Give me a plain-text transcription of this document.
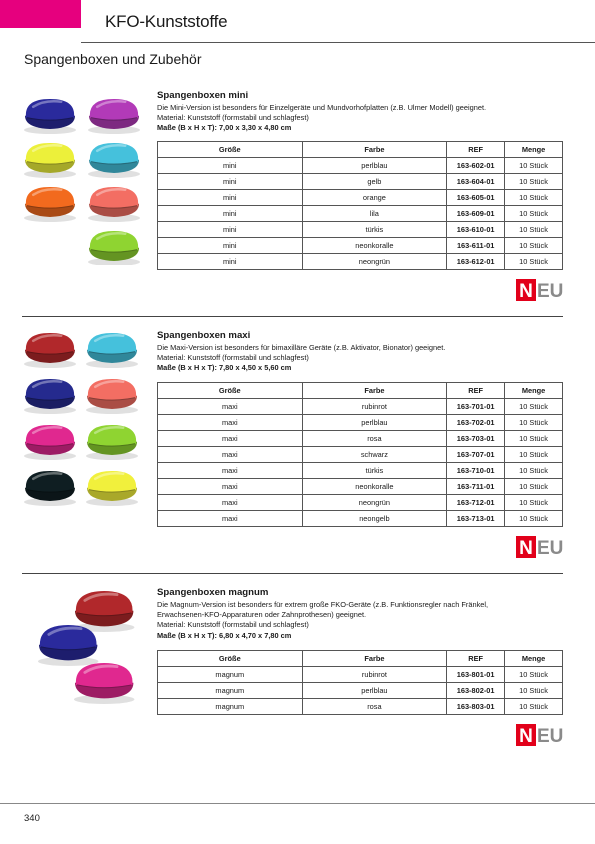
KFO-Kunststoffe
Spangenboxen und Zubehör
Spangenboxen mini
Die Mini-Version ist besonders für Einzelgeräte und Mundvorhofplatten (z.B. Ulmer Modell) geeignet.
Material: Kunststoff (formstabil und schlagfest)
Maße (B x H x T): 7,00 x 3,30 x 4,80 cm
Größe	Farbe	REF	Menge
mini	perlblau	163-602-01	10 Stück
mini	gelb	163-604-01	10 Stück
mini	orange	163-605-01	10 Stück
mini	lila	163-609-01	10 Stück
mini	türkis	163-610-01	10 Stück
mini	neonkoralle	163-611-01	10 Stück
mini	neongrün	163-612-01	10 Stück
N EU
Spangenboxen maxi
Die Maxi-Version ist besonders für bimaxilläre Geräte (z.B. Aktivator, Bionator) geeignet.
Material: Kunststoff (formstabil und schlagfest)
Maße (B x H x T): 7,80 x 4,50 x 5,60 cm
Größe	Farbe	REF	Menge
maxi	rubinrot	163-701-01	10 Stück
maxi	perlblau	163-702-01	10 Stück
maxi	rosa	163-703-01	10 Stück
maxi	schwarz	163-707-01	10 Stück
maxi	türkis	163-710-01	10 Stück
maxi	neonkoralle	163-711-01	10 Stück
maxi	neongrün	163-712-01	10 Stück
maxi	neongelb	163-713-01	10 Stück
N EU
Spangenboxen magnum
Die Magnum-Version ist besonders für extrem große FKO-Geräte (z.B. Funktionsregler nach Fränkel,
Erwachsenen-KFO-Apparaturen oder Zahnprothesen) geeignet.
Material: Kunststoff (formstabil und schlagfest)
Maße (B x H x T): 6,80 x 4,70 x 7,80 cm
Größe	Farbe	REF	Menge
magnum	rubinrot	163-801-01	10 Stück
magnum	perlblau	163-802-01	10 Stück
magnum	rosa	163-803-01	10 Stück
N EU
340
